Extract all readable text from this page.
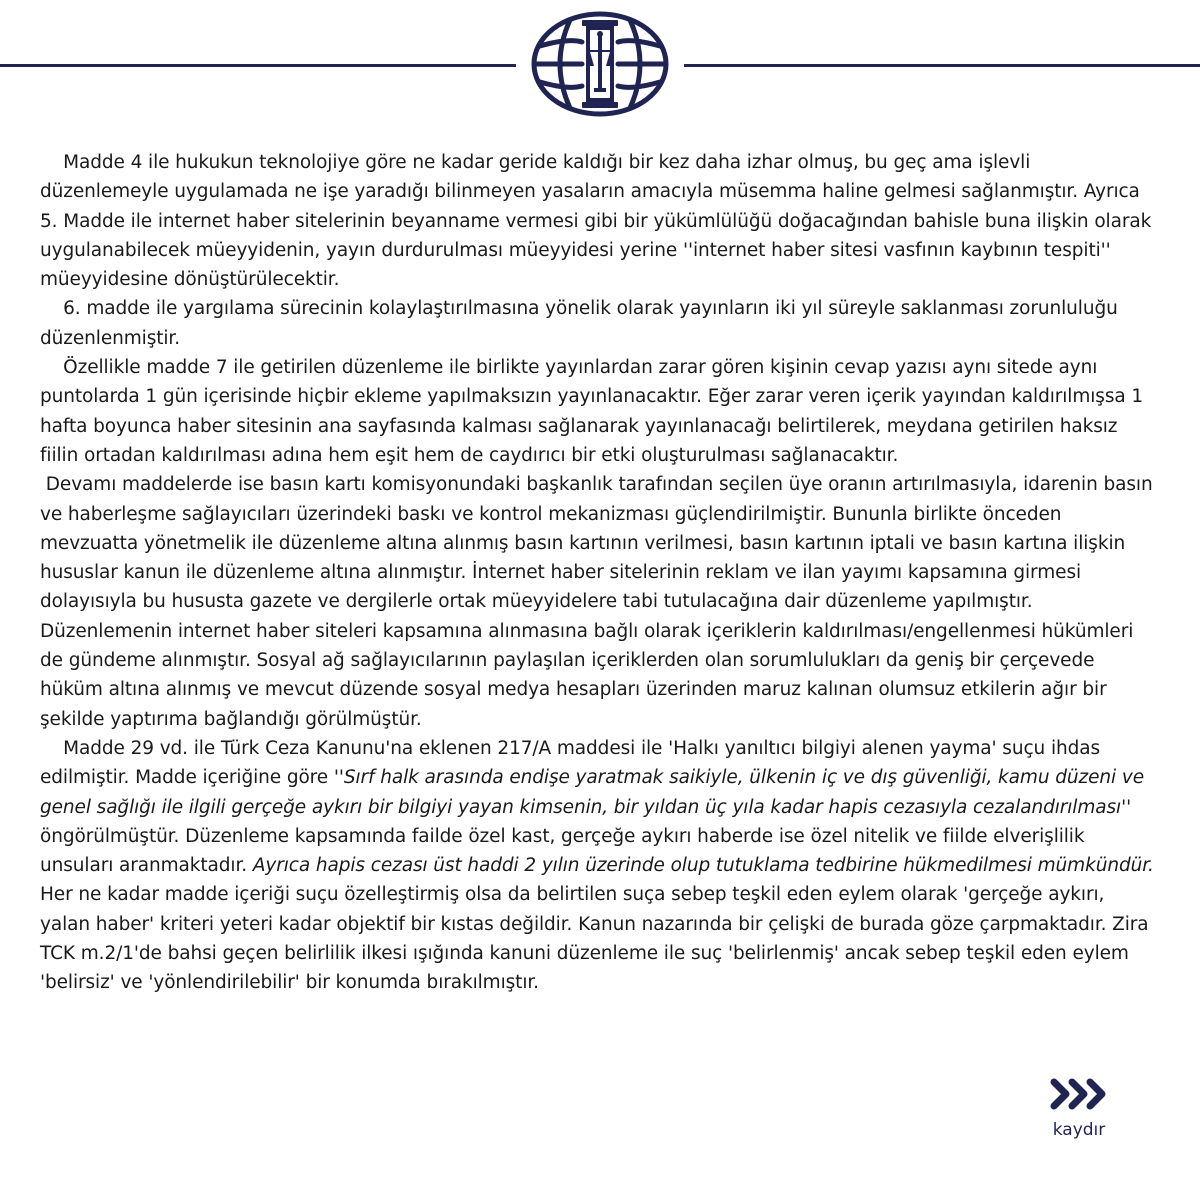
Madde 4 ile hukukun teknolojiye göre ne kadar geride kaldığı bir kez daha izhar olmuş, bu geç ama işlevli düzenlemeyle uygulamada ne işe yaradığı bilinmeyen yasaların amacıyla müsemma haline gelmesi sağlanmıştır. Ayrıca 5. Madde ile internet haber sitelerinin beyanname vermesi gibi bir yükümlülüğü doğacağından bahisle buna ilişkin olarak uygulanabilecek müeyyidenin, yayın durdurulması müeyyidesi yerine ''internet haber sitesi vasfının kaybının tespiti'' müeyyidesine dönüştürülecektir.

6. madde ile yargılama sürecinin kolaylaştırılmasına yönelik olarak yayınların iki yıl süreyle saklanması zorunluluğu düzenlenmiştir.

Özellikle madde 7 ile getirilen düzenleme ile birlikte yayınlardan zarar gören kişinin cevap yazısı aynı sitede aynı puntolarda 1 gün içerisinde hiçbir ekleme yapılmaksızın yayınlanacaktır. Eğer zarar veren içerik yayından kaldırılmışsa 1 hafta boyunca haber sitesinin ana sayfasında kalması sağlanarak yayınlanacağı belirtilerek, meydana getirilen haksız fiilin ortadan kaldırılması adına hem eşit hem de caydırıcı bir etki oluşturulması sağlanacaktır.

Devamı maddelerde ise basın kartı komisyonundaki başkanlık tarafından seçilen üye oranın artırılmasıyla, idarenin basın ve haberleşme sağlayıcıları üzerindeki baskı ve kontrol mekanizması güçlendirilmiştir. Bununla birlikte önceden mevzuatta yönetmelik ile düzenleme altına alınmış basın kartının verilmesi, basın kartının iptali ve basın kartına ilişkin hususlar kanun ile düzenleme altına alınmıştır. İnternet haber sitelerinin reklam ve ilan yayımı kapsamına girmesi dolayısıyla bu hususta gazete ve dergilerle ortak müeyyidelere tabi tutulacağına dair düzenleme yapılmıştır. Düzenlemenin internet haber siteleri kapsamına alınmasına bağlı olarak içeriklerin kaldırılması/engellenmesi hükümleri de gündeme alınmıştır. Sosyal ağ sağlayıcılarının paylaşılan içeriklerden olan sorumlulukları da geniş bir çerçevede hüküm altına alınmış ve mevcut düzende sosyal medya hesapları üzerinden maruz kalınan olumsuz etkilerin ağır bir şekilde yaptırıma bağlandığı görülmüştür.

Madde 29 vd. ile Türk Ceza Kanunu'na eklenen 217/A maddesi ile 'Halkı yanıltıcı bilgiyi alenen yayma' suçu ihdas edilmiştir. Madde içeriğine göre ''Sırf halk arasında endişe yaratmak saikiyle, ülkenin iç ve dış güvenliği, kamu düzeni ve genel sağlığı ile ilgili gerçeğe aykırı bir bilgiyi yayan kimsenin, bir yıldan üç yıla kadar hapis cezasıyla cezalandırılması'' öngörülmüştür. Düzenleme kapsamında failde özel kast, gerçeğe aykırı haberde ise özel nitelik ve fiilde elverişlilik unsuları aranmaktadır. Ayrıca hapis cezası üst haddi 2 yılın üzerinde olup tutuklama tedbirine hükmedilmesi mümkündür. Her ne kadar madde içeriği suçu özelleştirmiş olsa da belirtilen suça sebep teşkil eden eylem olarak 'gerçeğe aykırı, yalan haber' kriteri yeteri kadar objektif bir kıstas değildir. Kanun nazarında bir çelişki de burada göze çarpmaktadır. Zira TCK m.2/1'de bahsi geçen belirlilik ilkesi ışığında kanuni düzenleme ile suç 'belirlenmiş' ancak sebep teşkil eden eylem 'belirsiz' ve 'yönlendirilebilir' bir konumda bırakılmıştır.

kaydır
